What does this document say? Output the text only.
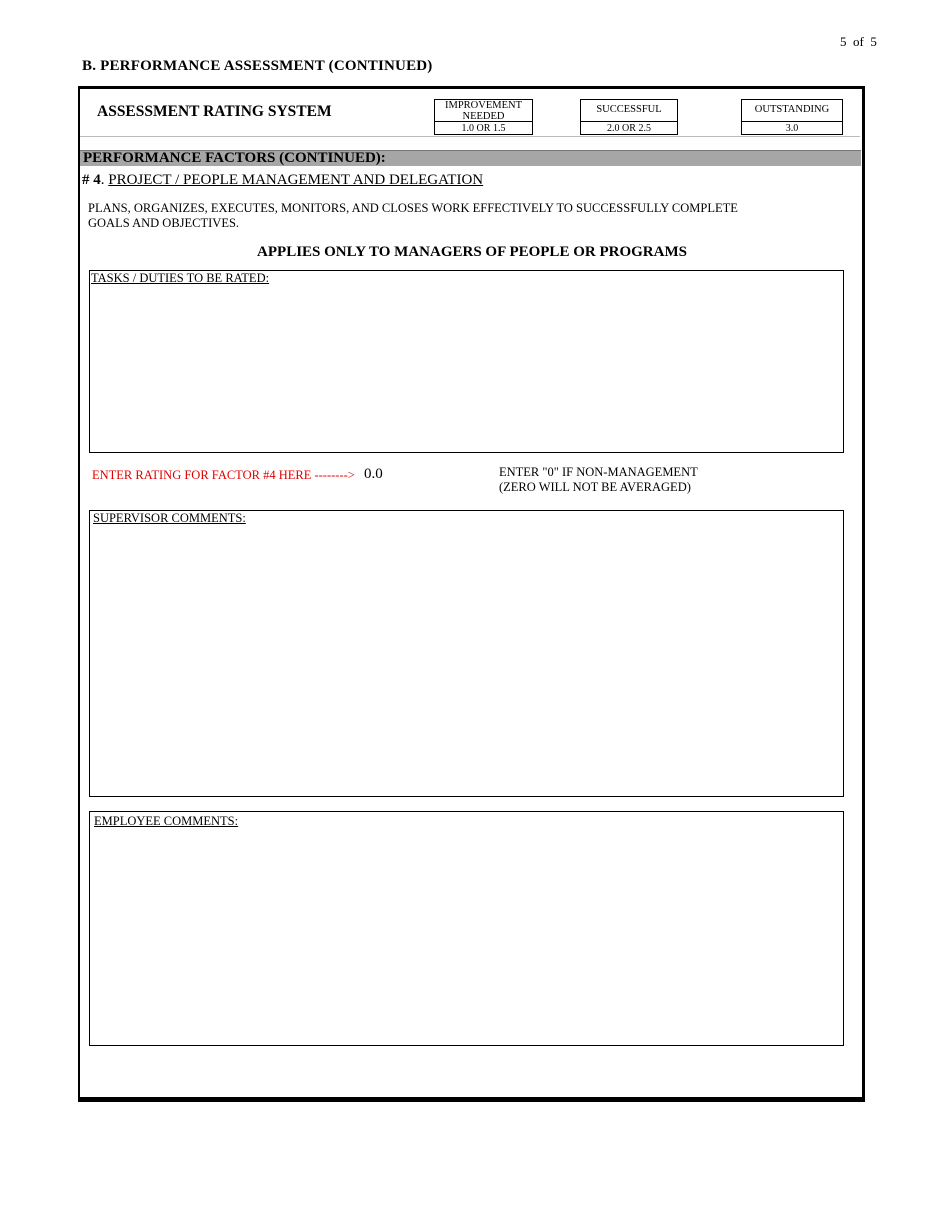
5 of 5
B. PERFORMANCE ASSESSMENT (CONTINUED)
ASSESSMENT RATING SYSTEM	IMPROVEMENT NEEDED
1.0 OR 1.5
SUCCESSFUL
2.0 OR 2.5
OUTSTANDING
3.0
PERFORMANCE FACTORS (CONTINUED):
# 4. PROJECT / PEOPLE MANAGEMENT AND DELEGATION
PLANS, ORGANIZES, EXECUTES, MONITORS, AND CLOSES WORK EFFECTIVELY TO SUCCESSFULLY COMPLETE
GOALS AND OBJECTIVES.
APPLIES ONLY TO MANAGERS OF PEOPLE OR PROGRAMS
TASKS / DUTIES TO BE RATED:
ENTER RATING FOR FACTOR #4 HERE --------> 0.0	ENTER "0" IF NON-MANAGEMENT
(ZERO WILL NOT BE AVERAGED)
SUPERVISOR COMMENTS:
EMPLOYEE COMMENTS:
